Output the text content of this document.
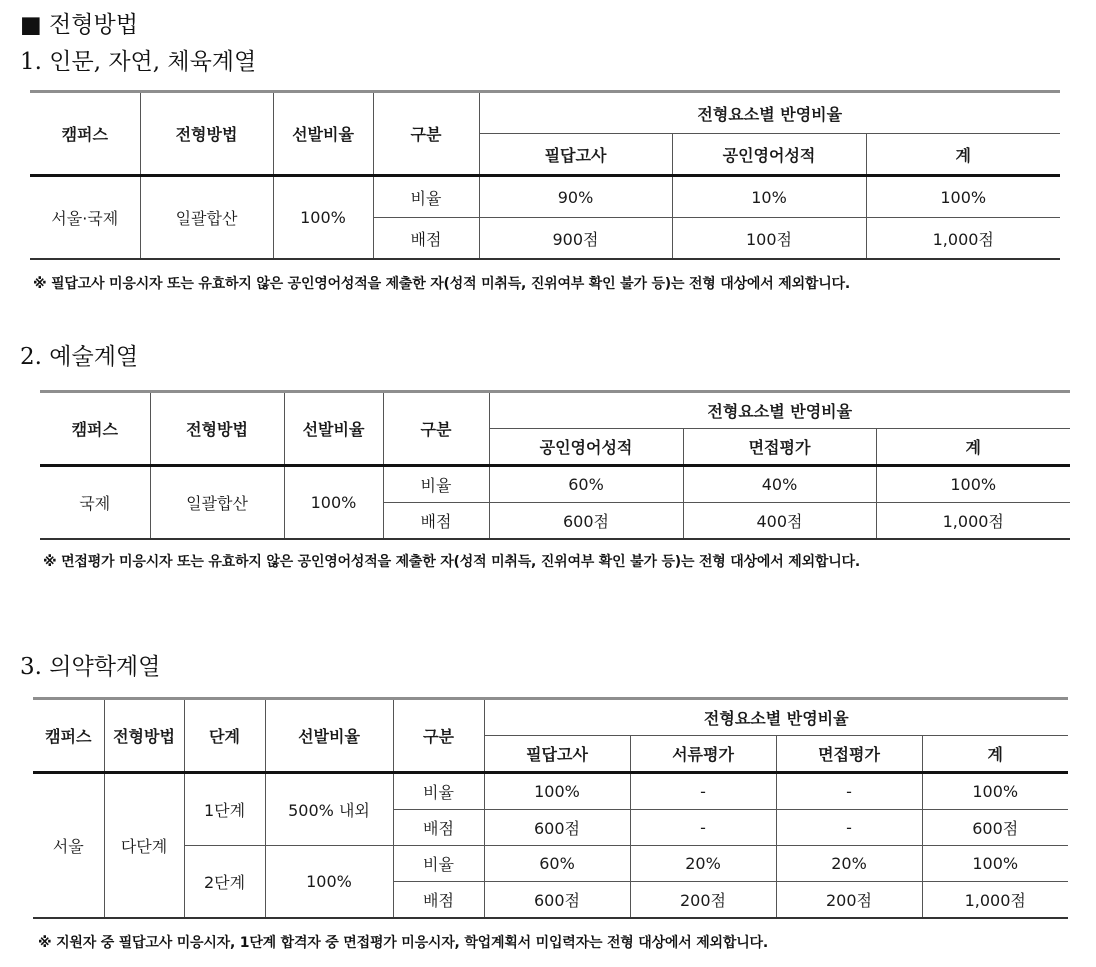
■ 전형방법
1. 인문, 자연, 체육계열
캠퍼스	전형방법	선발비율	구분	전형요소별 반영비율		
				필답고사	공인영어성적	계
서울·국제	일괄합산	100%	비율	90%	10%	100%
			배점	900점	100점	1,000점
※ 필답고사 미응시자 또는 유효하지 않은 공인영어성적을 제출한 자(성적 미취득, 진위여부 확인 불가 등)는 전형 대상에서 제외합니다.
2. 예술계열
캠퍼스	전형방법	선발비율	구분	전형요소별 반영비율		
				공인영어성적	면접평가	계
국제	일괄합산	100%	비율	60%	40%	100%
			배점	600점	400점	1,000점
※ 면접평가 미응시자 또는 유효하지 않은 공인영어성적을 제출한 자(성적 미취득, 진위여부 확인 불가 등)는 전형 대상에서 제외합니다.
3. 의약학계열
캠퍼스	전형방법	단계	선발비율	구분	전형요소별 반영비율			
					필답고사	서류평가	면접평가	계
서울	다단계	1단계	500% 내외	비율	100%	-	-	100%
				배점	600점	-	-	600점
		2단계	100%	비율	60%	20%	20%	100%
				배점	600점	200점	200점	1,000점
※ 지원자 중 필답고사 미응시자, 1단계 합격자 중 면접평가 미응시자, 학업계획서 미입력자는 전형 대상에서 제외합니다.
